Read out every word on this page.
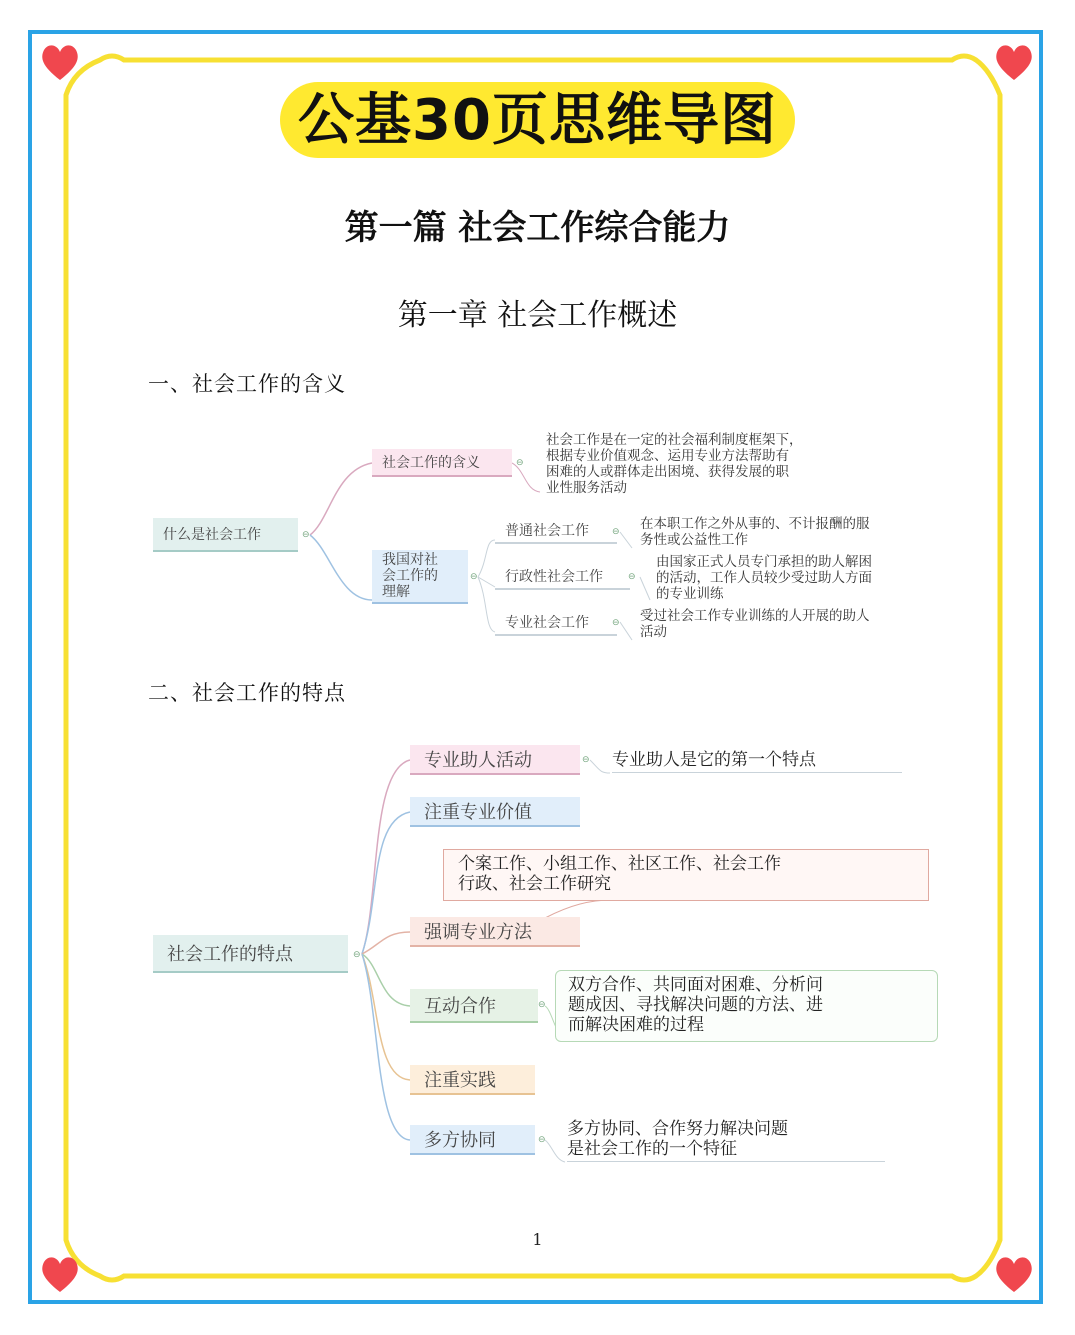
公基30页思维导图
第一篇 社会工作综合能力
第一章 社会工作概述
一、社会工作的含义
什么是社会工作	⊖
社会工作的含义	⊖
社会工作是在一定的社会福利制度框架下，
根据专业价值观念、运用专业方法帮助有
困难的人或群体走出困境、获得发展的职
业性服务活动
我国对社
会工作的
理解
⊖
普通社会工作	⊖ 在本职工作之外从事的、不计报酬的服
务性或公益性工作
行政性社会工作	⊖
由国家正式人员专门承担的助人解困
的活动，工作人员较少受过助人方面
的专业训练
专业社会工作	⊖ 受过社会工作专业训练的人开展的助人
活动
二、社会工作的特点
社会工作的特点	⊖
专业助人活动	⊖ 专业助人是它的第一个特点
注重专业价值
个案工作、小组工作、社区工作、社会工作
行政、社会工作研究
强调专业方法
互动合作	⊖
双方合作、共同面对困难、分析问
题成因、寻找解决问题的方法、进
而解决困难的过程
注重实践
多方协同	⊖
多方协同、合作努力解决问题
是社会工作的一个特征
1
